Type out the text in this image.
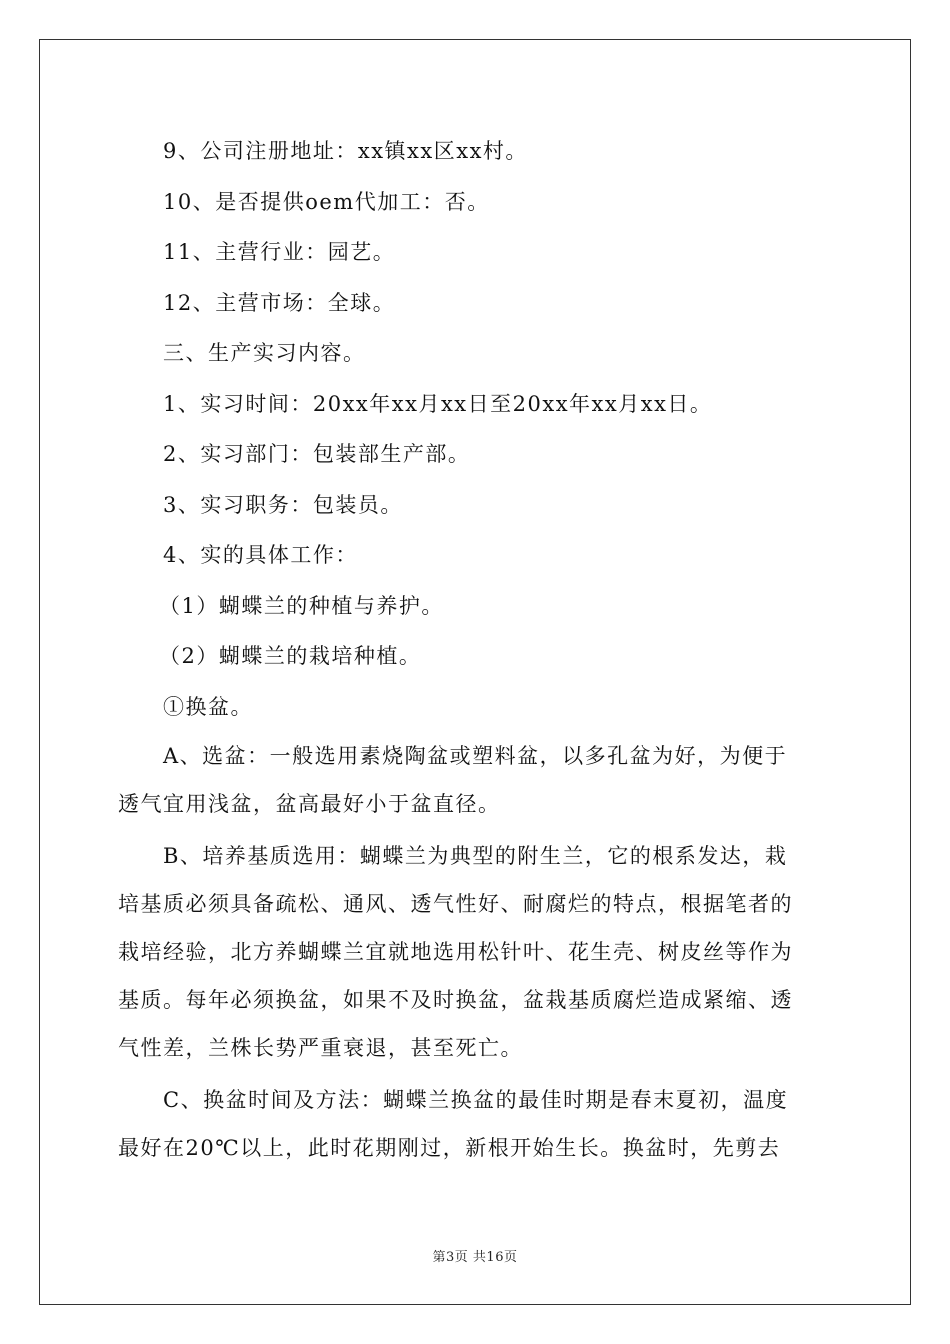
9、公司注册地址：xx镇xx区xx村。
10、是否提供oem代加工：否。
11、主营行业：园艺。
12、主营市场：全球。
三、生产实习内容。
1、实习时间：20xx年xx月xx日至20xx年xx月xx日。
2、实习部门：包装部生产部。
3、实习职务：包装员。
4、实的具体工作：
（1）蝴蝶兰的种植与养护。
（2）蝴蝶兰的栽培种植。
①换盆。
A、选盆：一般选用素烧陶盆或塑料盆，以多孔盆为好，为便于
透气宜用浅盆，盆高最好小于盆直径。
B、培养基质选用：蝴蝶兰为典型的附生兰，它的根系发达，栽
培基质必须具备疏松、通风、透气性好、耐腐烂的特点，根据笔者的
栽培经验，北方养蝴蝶兰宜就地选用松针叶、花生壳、树皮丝等作为
基质。每年必须换盆，如果不及时换盆，盆栽基质腐烂造成紧缩、透
气性差，兰株长势严重衰退，甚至死亡。
C、换盆时间及方法：蝴蝶兰换盆的最佳时期是春末夏初，温度
最好在20℃以上，此时花期刚过，新根开始生长。换盆时，先剪去
第3页 共16页
